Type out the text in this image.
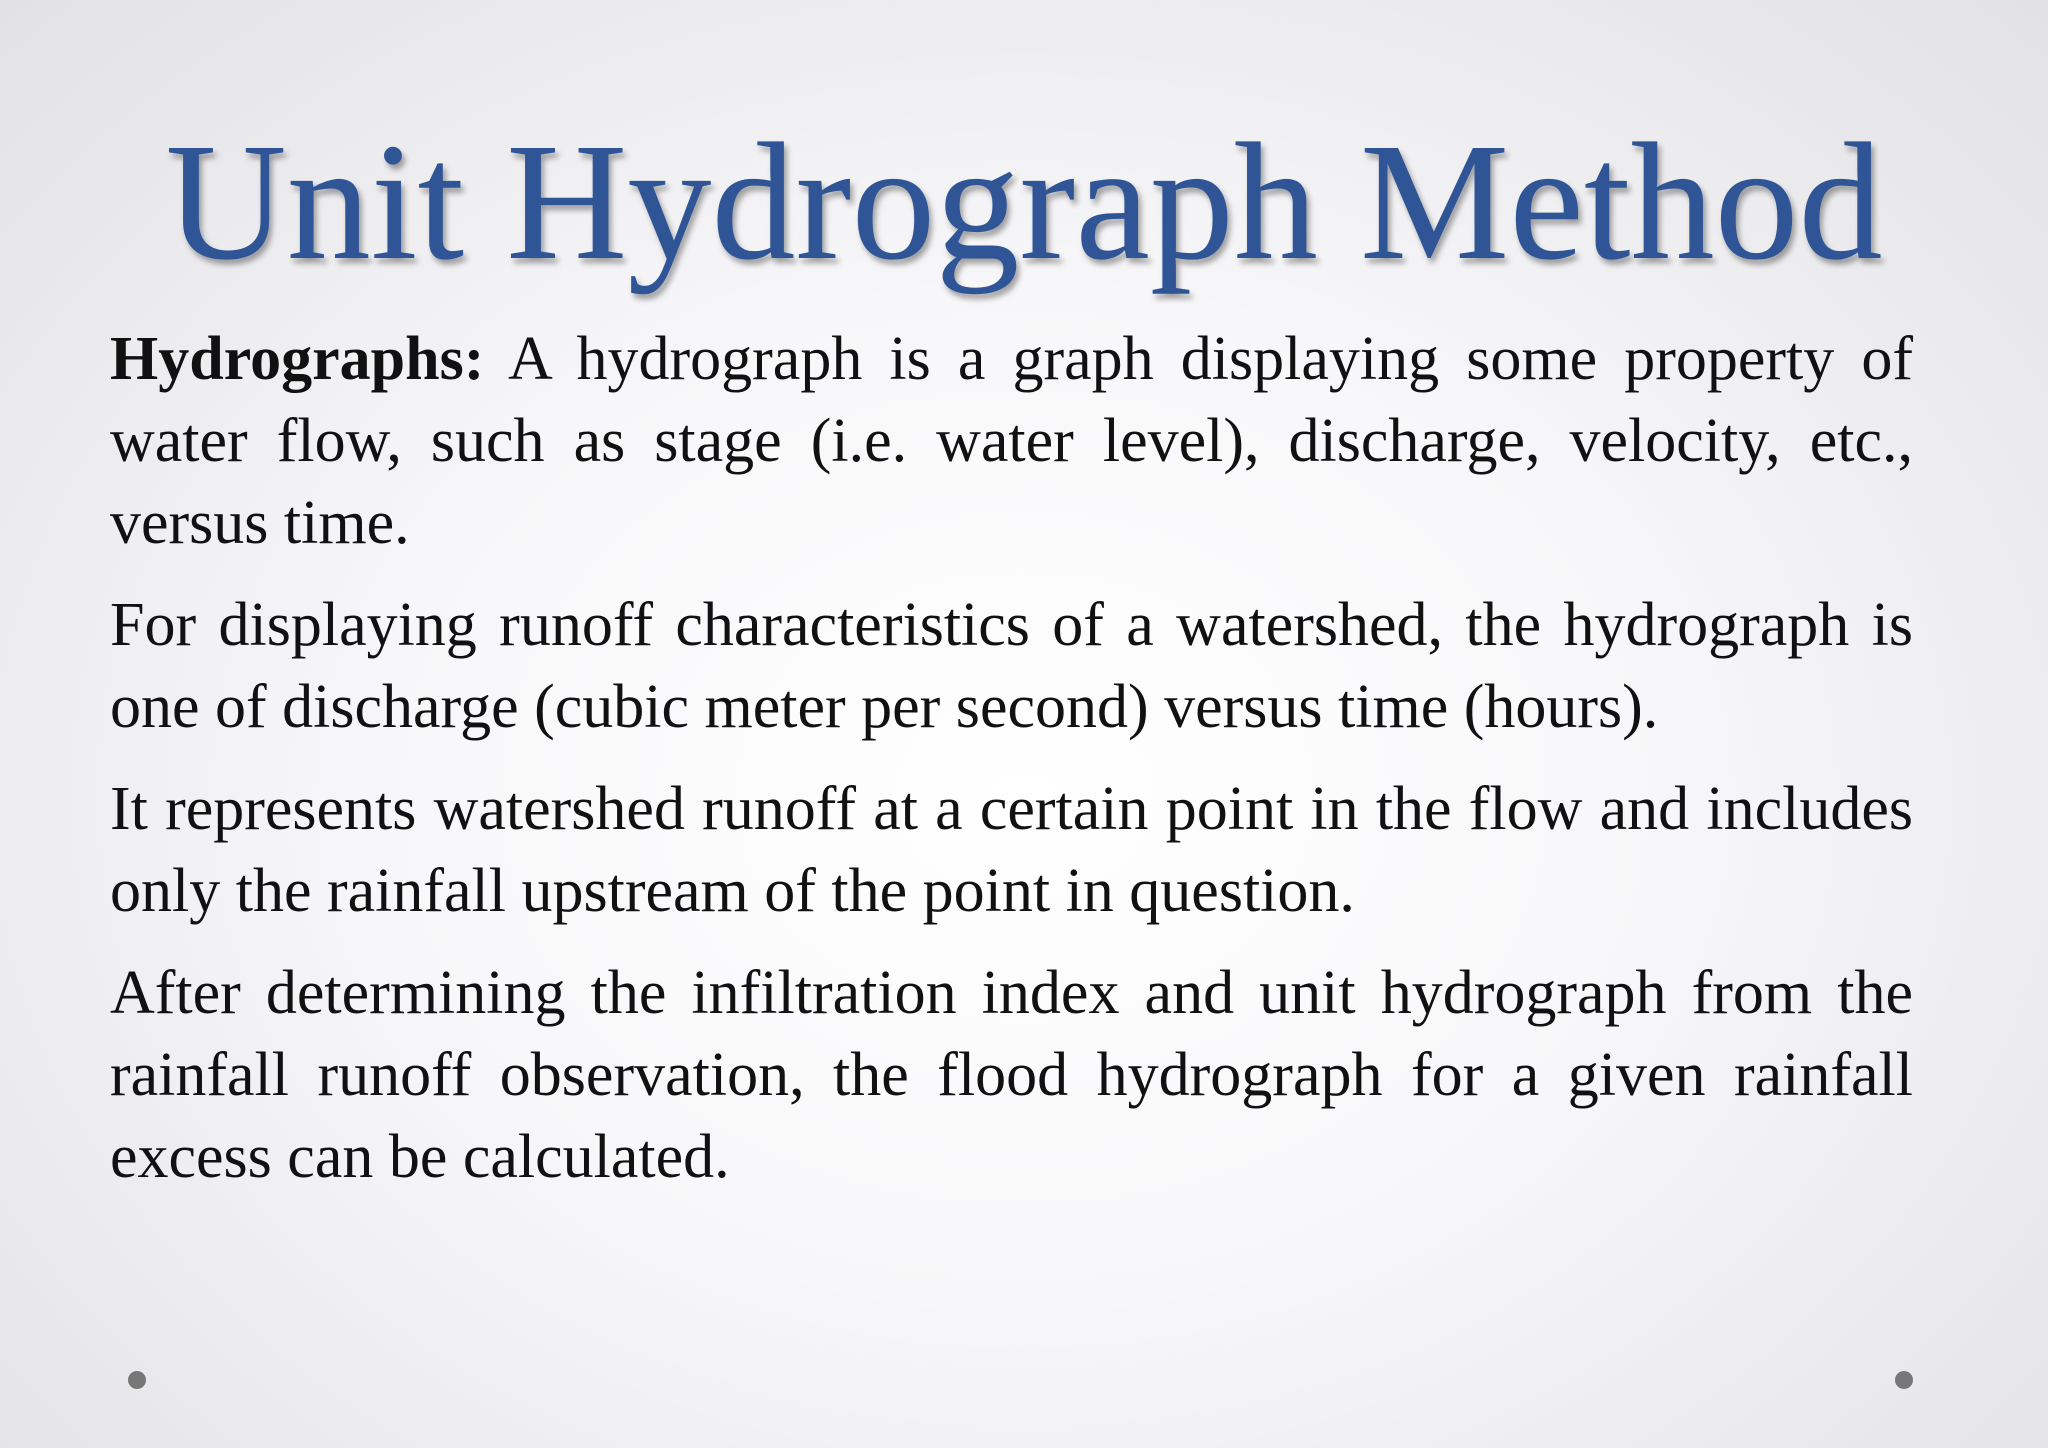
Unit Hydrograph Method

Hydrographs: A hydrograph is a graph displaying some property of water flow, such as stage (i.e. water level), discharge, velocity, etc., versus time.

For displaying runoff characteristics of a watershed, the hydrograph is one of discharge (cubic meter per second) versus time (hours).

It represents watershed runoff at a certain point in the flow and includes only the rainfall upstream of the point in question.

After determining the infiltration index and unit hydrograph from the rainfall runoff observation, the flood hydrograph for a given rainfall excess can be calculated.
